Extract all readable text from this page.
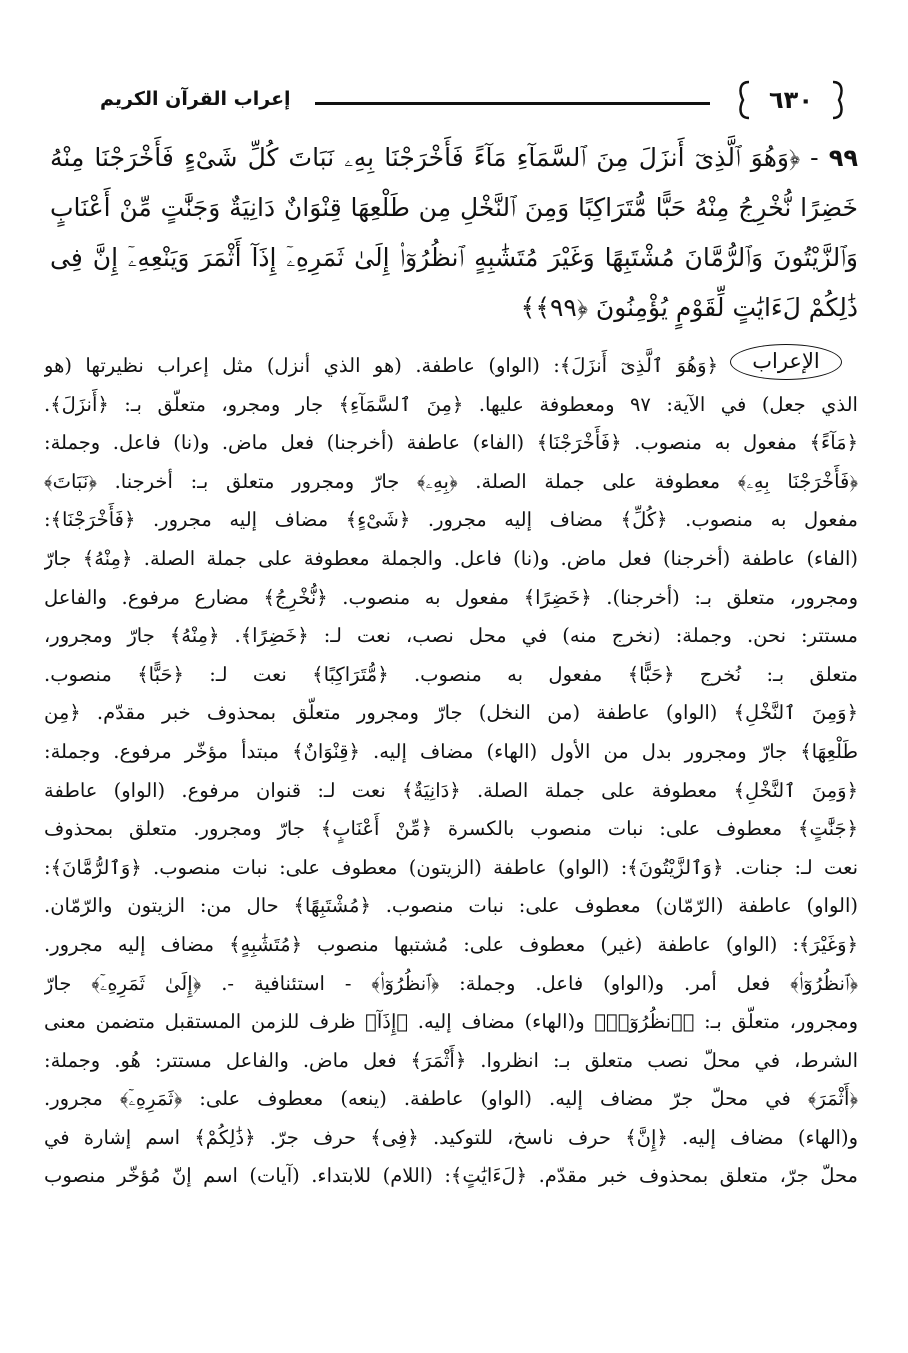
إعراب القرآن الكريم	٦٣٠
٩٩ - ﴿وَهُوَ ٱلَّذِىٓ أَنزَلَ مِنَ ٱلسَّمَآءِ مَآءً فَأَخْرَجْنَا بِهِۦ نَبَاتَ كُلِّ شَىْءٍ فَأَخْرَجْنَا مِنْهُ خَضِرًا نُّخْرِجُ مِنْهُ حَبًّا مُّتَرَاكِبًا وَمِنَ ٱلنَّخْلِ مِن طَلْعِهَا قِنْوَانٌ دَانِيَةٌ وَجَنَّٰتٍ مِّنْ أَعْنَابٍ وَٱلزَّيْتُونَ وَٱلرُّمَّانَ مُشْتَبِهًا وَغَيْرَ مُتَشَٰبِهٍ ٱنظُرُوٓا۟ إِلَىٰ ثَمَرِهِۦٓ إِذَآ أَثْمَرَ وَيَنْعِهِۦٓ إِنَّ فِى ذَٰلِكُمْ لَءَايَٰتٍ لِّقَوْمٍ يُؤْمِنُونَ ﴿٩٩﴾﴾
الإعراب
﴿وَهُوَ ٱلَّذِىٓ أَنزَلَ﴾: (الواو) عاطفة. (هو الذي أنزل) مثل إعراب نظيرتها (هو
الذي جعل) في الآية: ٩٧ ومعطوفة عليها. ﴿مِنَ ٱلسَّمَآءِ﴾ جار ومجرو، متعلّق بـ: ﴿أَنزَلَ﴾.
﴿مَآءً﴾ مفعول به منصوب. ﴿فَأَخْرَجْنَا﴾ (الفاء) عاطفة (أخرجنا) فعل ماض. و(نا) فاعل. وجملة:
﴿فَأَخْرَجْنَا بِهِۦ﴾ معطوفة على جملة الصلة. ﴿بِهِۦ﴾ جارّ ومجرور متعلق بـ: أخرجنا. ﴿نَبَاتَ﴾
مفعول به منصوب. ﴿كُلِّ﴾ مضاف إليه مجرور. ﴿شَىْءٍ﴾ مضاف إليه مجرور. ﴿فَأَخْرَجْنَا﴾:
(الفاء) عاطفة (أخرجنا) فعل ماض. و(نا) فاعل. والجملة معطوفة على جملة الصلة. ﴿مِنْهُ﴾ جارّ
ومجرور، متعلق بـ: (أخرجنا). ﴿خَضِرًا﴾ مفعول به منصوب. ﴿نُّخْرِجُ﴾ مضارع مرفوع. والفاعل
مستتر: نحن. وجملة: (نخرج منه) في محل نصب، نعت لـ: ﴿خَضِرًا﴾. ﴿مِنْهُ﴾ جارّ ومجرور،
متعلق بـ: نُخرج ﴿حَبًّا﴾ مفعول به منصوب. ﴿مُّتَرَاكِبًا﴾ نعت لـ: ﴿حَبًّا﴾ منصوب.
﴿وَمِنَ ٱلنَّخْلِ﴾ (الواو) عاطفة (من النخل) جارّ ومجرور متعلّق بمحذوف خبر مقدّم. ﴿مِن
طَلْعِهَا﴾ جارّ ومجرور بدل من الأول (الهاء) مضاف إليه. ﴿قِنْوَانٌ﴾ مبتدأ مؤخّر مرفوع. وجملة:
﴿وَمِنَ ٱلنَّخْلِ﴾ معطوفة على جملة الصلة. ﴿دَانِيَةٌ﴾ نعت لـ: قنوان مرفوع. (الواو) عاطفة
﴿جَنَّٰتٍ﴾ معطوف على: نبات منصوب بالكسرة ﴿مِّنْ أَعْنَابٍ﴾ جارّ ومجرور. متعلق بمحذوف
نعت لـ: جنات. ﴿وَٱلزَّيْتُونَ﴾: (الواو) عاطفة (الزيتون) معطوف على: نبات منصوب. ﴿وَٱلرُّمَّانَ﴾:
(الواو) عاطفة (الرّمّان) معطوف على: نبات منصوب. ﴿مُشْتَبِهًا﴾ حال من: الزيتون والرّمّان.
﴿وَغَيْرَ﴾: (الواو) عاطفة (غير) معطوف على: مُشتبها منصوب ﴿مُتَشَٰبِهٍ﴾ مضاف إليه مجرور.
﴿ٱنظُرُوٓا۟﴾ فعل أمر. و(الواو) فاعل. وجملة: ﴿ٱنظُرُوٓا۟﴾ - استئنافية -. ﴿إِلَىٰ ثَمَرِهِۦٓ﴾ جارّ
ومجرور، متعلّق بـ: ﴿ٱنظُرُوٓا۟﴾ و(الهاء) مضاف إليه. ﴿إِذَآ﴾ ظرف للزمن المستقبل متضمن معنى
الشرط، في محلّ نصب متعلق بـ: انظروا. ﴿أَثْمَرَ﴾ فعل ماض. والفاعل مستتر: هُو. وجملة:
﴿أَثْمَرَ﴾ في محلّ جرّ مضاف إليه. (الواو) عاطفة. (ينعه) معطوف على: ﴿ثَمَرِهِۦٓ﴾ مجرور.
و(الهاء) مضاف إليه. ﴿إِنَّ﴾ حرف ناسخ، للتوكيد. ﴿فِى﴾ حرف جرّ. ﴿ذَٰلِكُمْ﴾ اسم إشارة في
محلّ جرّ، متعلق بمحذوف خبر مقدّم. ﴿لَءَايَٰتٍ﴾: (اللام) للابتداء. (آيات) اسم إنّ مُؤخّر منصوب
